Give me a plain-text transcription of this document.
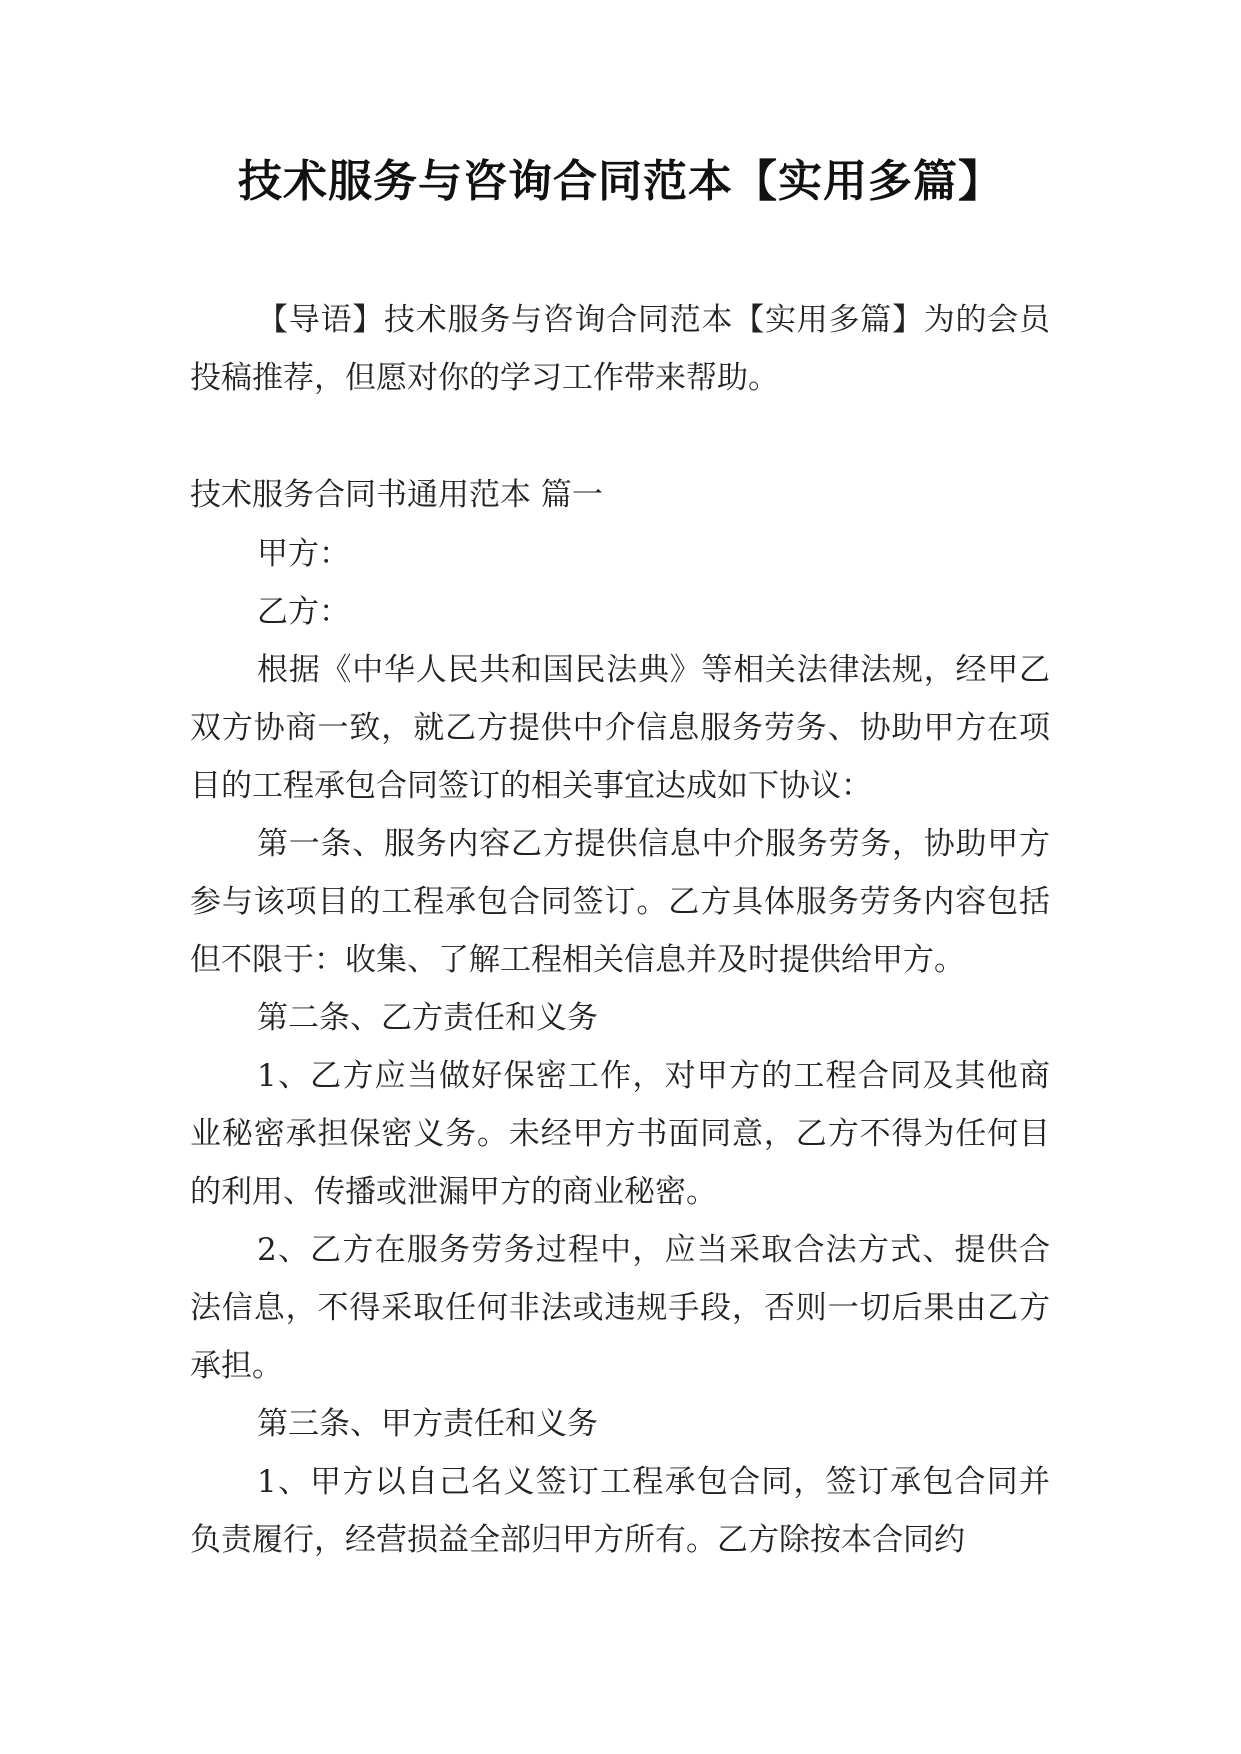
技术服务与咨询合同范本【实用多篇】

【导语】技术服务与咨询合同范本【实用多篇】为的会员投稿推荐，但愿对你的学习工作带来帮助。

技术服务合同书通用范本 篇一

甲方：

乙方：

根据《中华人民共和国民法典》等相关法律法规，经甲乙双方协商一致，就乙方提供中介信息服务劳务、协助甲方在项目的工程承包合同签订的相关事宜达成如下协议：

第一条、服务内容乙方提供信息中介服务劳务，协助甲方参与该项目的工程承包合同签订。乙方具体服务劳务内容包括但不限于：收集、了解工程相关信息并及时提供给甲方。

第二条、乙方责任和义务

1、乙方应当做好保密工作，对甲方的工程合同及其他商业秘密承担保密义务。未经甲方书面同意，乙方不得为任何目的利用、传播或泄漏甲方的商业秘密。

2、乙方在服务劳务过程中，应当采取合法方式、提供合法信息，不得采取任何非法或违规手段，否则一切后果由乙方承担。

第三条、甲方责任和义务

1、甲方以自己名义签订工程承包合同，签订承包合同并负责履行，经营损益全部归甲方所有。乙方除按本合同约
